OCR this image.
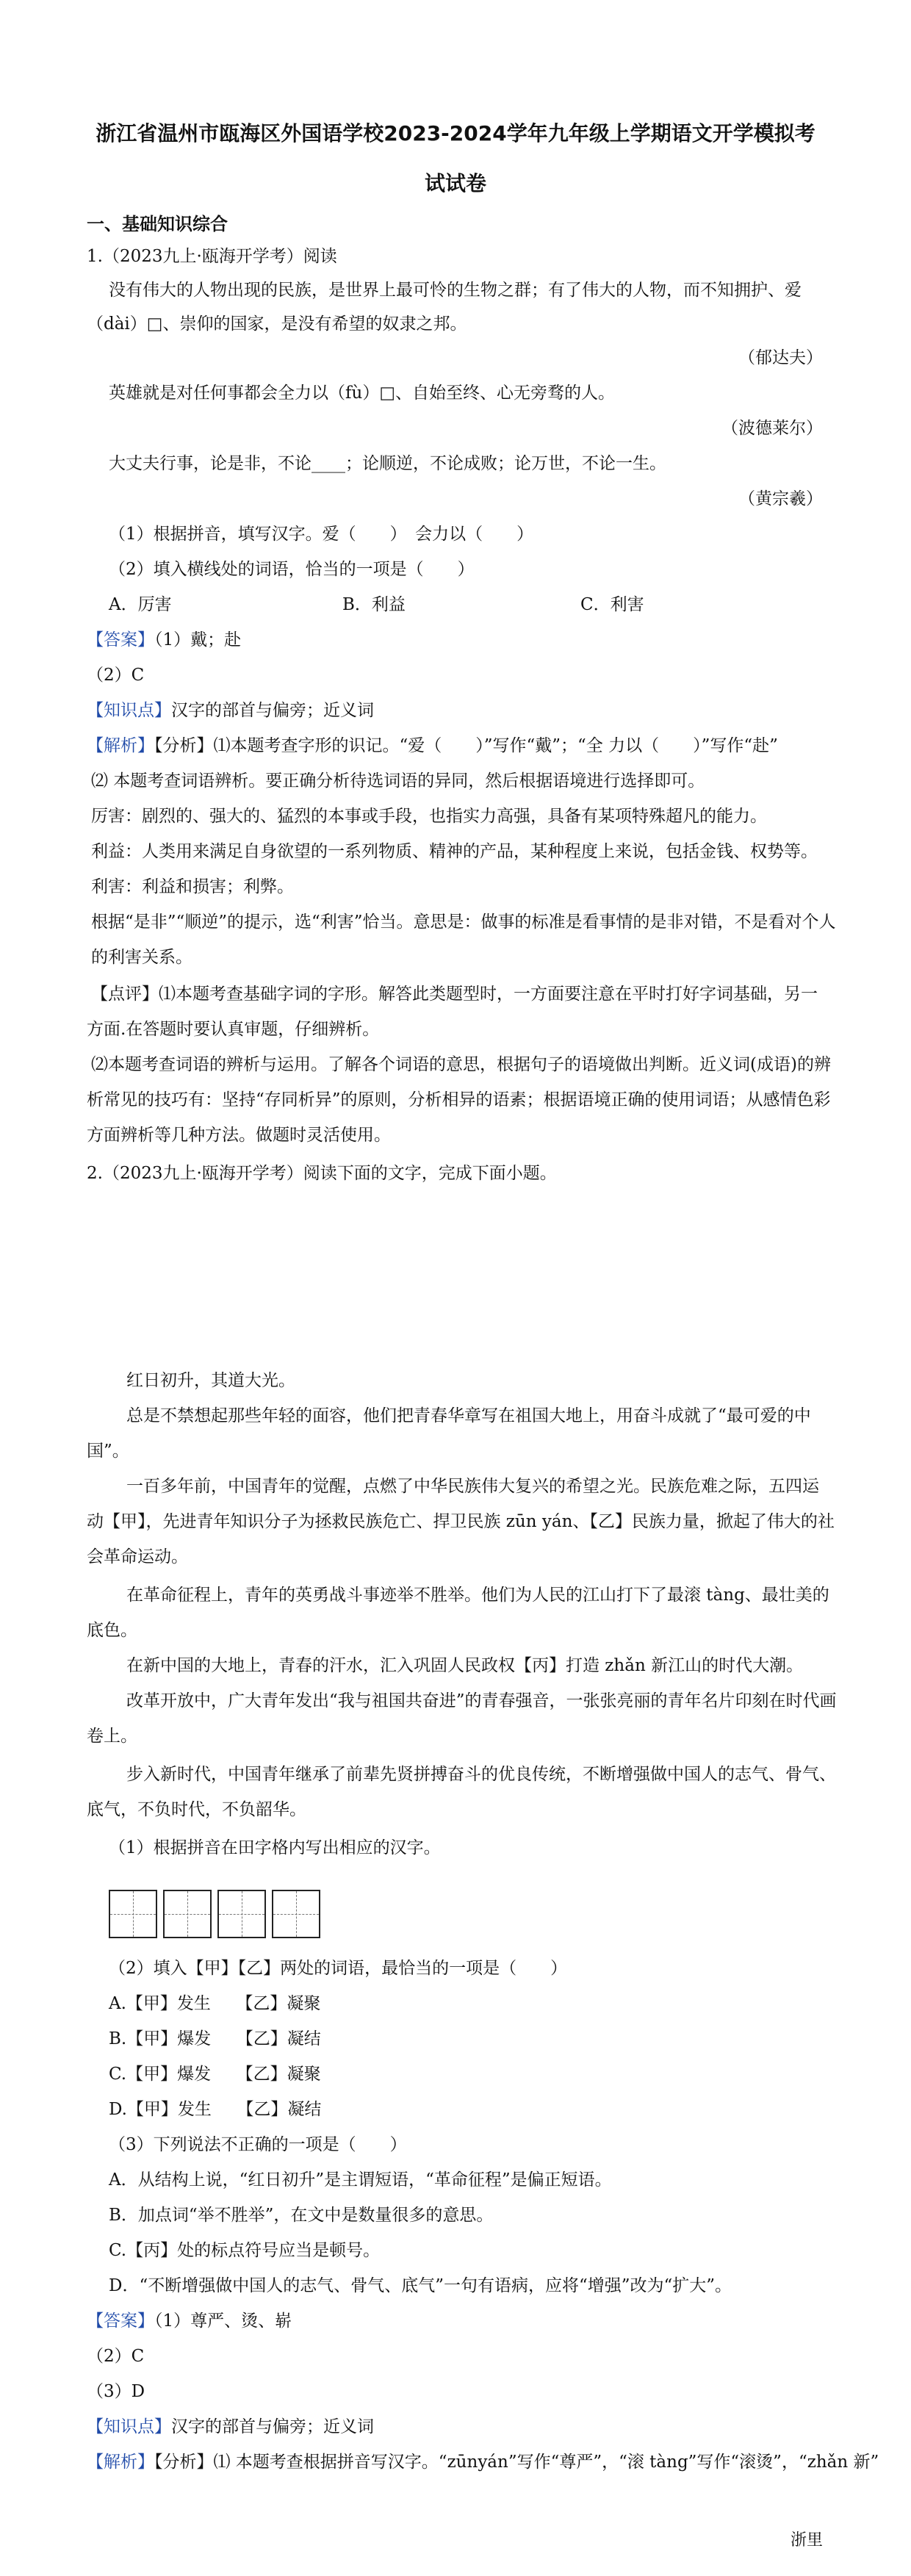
浙江省温州市瓯海区外国语学校2023-2024学年九年级上学期语文开学模拟考
试试卷
一、基础知识综合
1.（2023九上·瓯海开学考）阅读
没有伟大的人物出现的民族，是世界上最可怜的生物之群；有了伟大的人物，而不知拥护、爱
（dài）□、崇仰的国家，是没有希望的奴隶之邦。
（郁达夫）
英雄就是对任何事都会全力以（fù）□、自始至终、心无旁骛的人。
（波德莱尔）
大丈夫行事，论是非，不论____；论顺逆，不论成败；论万世，不论一生。
（黄宗羲）
（1）根据拼音，填写汉字。爱（　　）　会力以（　　）
（2）填入横线处的词语，恰当的一项是（　　）
A．厉害	B．利益	C．利害
【答案】（1）戴；赴
（2）C
【知识点】汉字的部首与偏旁；近义词
【解析】【分析】⑴本题考查字形的识记。“爱（　　）”写作“戴”；“全 力以（　　）”写作“赴”
⑵ 本题考查词语辨析。要正确分析待选词语的异同，然后根据语境进行选择即可。
厉害：剧烈的、强大的、猛烈的本事或手段，也指实力高强，具备有某项特殊超凡的能力。
利益：人类用来满足自身欲望的一系列物质、精神的产品，某种程度上来说，包括金钱、权势等。
利害：利益和损害；利弊。
根据“是非”“顺逆”的提示，选“利害”恰当。意思是：做事的标准是看事情的是非对错，不是看对个人
的利害关系。
【点评】⑴本题考查基础字词的字形。解答此类题型时，一方面要注意在平时打好字词基础，另一
方面.在答题时要认真审题，仔细辨析。
⑵本题考查词语的辨析与运用。了解各个词语的意思，根据句子的语境做出判断。近义词(成语)的辨
析常见的技巧有：坚持“存同析异”的原则，分析相异的语素；根据语境正确的使用词语；从感情色彩
方面辨析等几种方法。做题时灵活使用。
2.（2023九上·瓯海开学考）阅读下面的文字，完成下面小题。
红日初升，其道大光。
总是不禁想起那些年轻的面容，他们把青春华章写在祖国大地上，用奋斗成就了“最可爱的中
国”。
一百多年前，中国青年的觉醒，点燃了中华民族伟大复兴的希望之光。民族危难之际，五四运
动【甲】，先进青年知识分子为拯救民族危亡、捍卫民族 zūn yán、【乙】民族力量，掀起了伟大的社
会革命运动。
在革命征程上，青年的英勇战斗事迹举不胜举。他们为人民的江山打下了最滚 tàng、最壮美的
底色。
在新中国的大地上，青春的汗水，汇入巩固人民政权【丙】打造 zhǎn 新江山的时代大潮。
改革开放中，广大青年发出“我与祖国共奋进”的青春强音，一张张亮丽的青年名片印刻在时代画
卷上。
步入新时代，中国青年继承了前辈先贤拼搏奋斗的优良传统，不断增强做中国人的志气、骨气、
底气，不负时代，不负韶华。
（1）根据拼音在田字格内写出相应的汉字。
（2）填入【甲】【乙】两处的词语，最恰当的一项是（　　）
A.【甲】发生　　【乙】凝聚
B.【甲】爆发　　【乙】凝结
C.【甲】爆发　　【乙】凝聚
D.【甲】发生　　【乙】凝结
（3）下列说法不正确的一项是（　　）
A．从结构上说，“红日初升”是主谓短语，“革命征程”是偏正短语。
B．加点词“举不胜举”，在文中是数量很多的意思。
C.【丙】处的标点符号应当是顿号。
D．“不断增强做中国人的志气、骨气、底气”一句有语病，应将“增强”改为“扩大”。
【答案】（1）尊严、烫、崭
（2）C
（3）D
【知识点】汉字的部首与偏旁；近义词
【解析】【分析】⑴ 本题考查根据拼音写汉字。“zūnyán”写作“尊严”，“滚 tàng”写作“滚烫”，“zhǎn 新”
浙里
